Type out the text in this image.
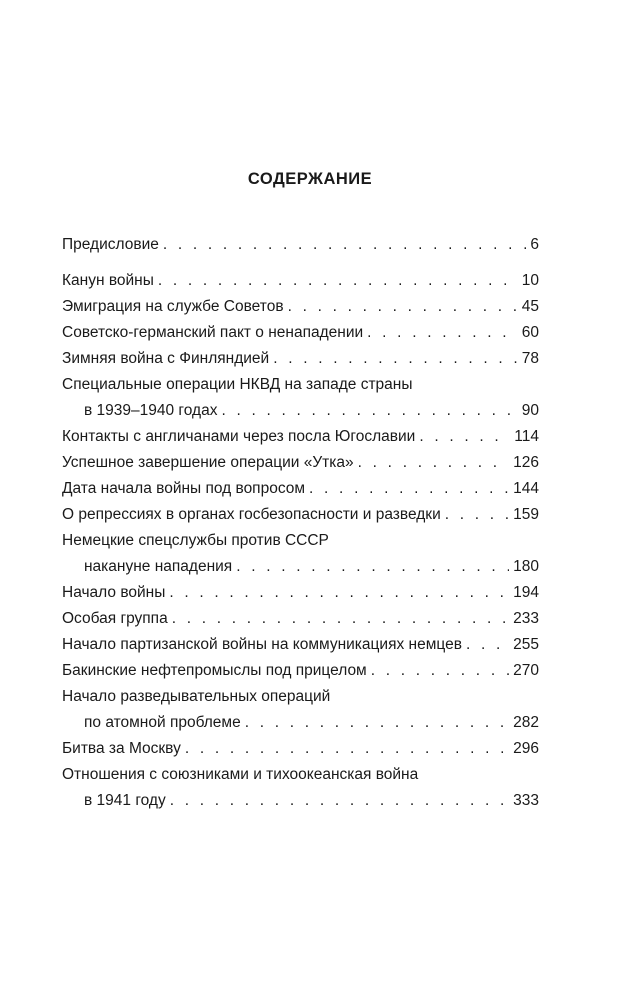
СОДЕРЖАНИЕ
Предисловие . . .	6
Канун войны . . .	10
Эмиграция на службе Советов . . .	45
Советско-германский пакт о ненападении . . .	60
Зимняя война с Финляндией . . .	78
Специальные операции НКВД на западе страны
в 1939–1940 годах . . .	90
Контакты с англичанами через посла Югославии . . .	114
Успешное завершение операции «Утка» . . .	126
Дата начала войны под вопросом . . .	144
О репрессиях в органах госбезопасности и разведки . . .	159
Немецкие спецслужбы против СССР
накануне нападения . . .	180
Начало войны . . .	194
Особая группа . . .	233
Начало партизанской войны на коммуникациях немцев . . .	255
Бакинские нефтепромыслы под прицелом . . .	270
Начало разведывательных операций
по атомной проблеме . . .	282
Битва за Москву . . .	296
Отношения с союзниками и тихоокеанская война
в 1941 году . . .	333
